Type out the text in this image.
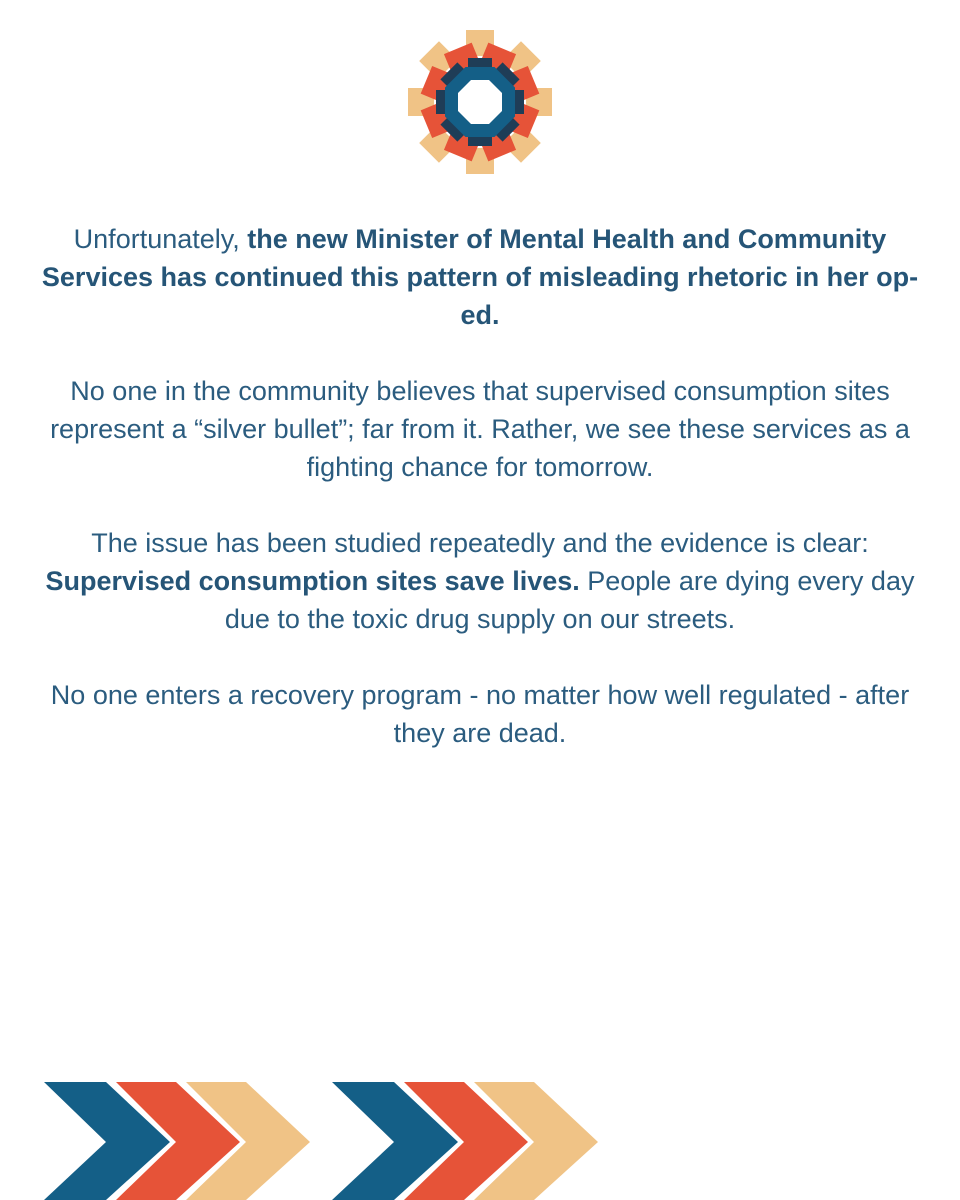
Unfortunately, the new Minister of Mental Health and Community Services has continued this pattern of misleading rhetoric in her op-ed.

No one in the community believes that supervised consumption sites represent a “silver bullet”; far from it. Rather, we see these services as a fighting chance for tomorrow.

The issue has been studied repeatedly and the evidence is clear: Supervised consumption sites save lives. People are dying every day due to the toxic drug supply on our streets.

No one enters a recovery program - no matter how well regulated - after they are dead.
